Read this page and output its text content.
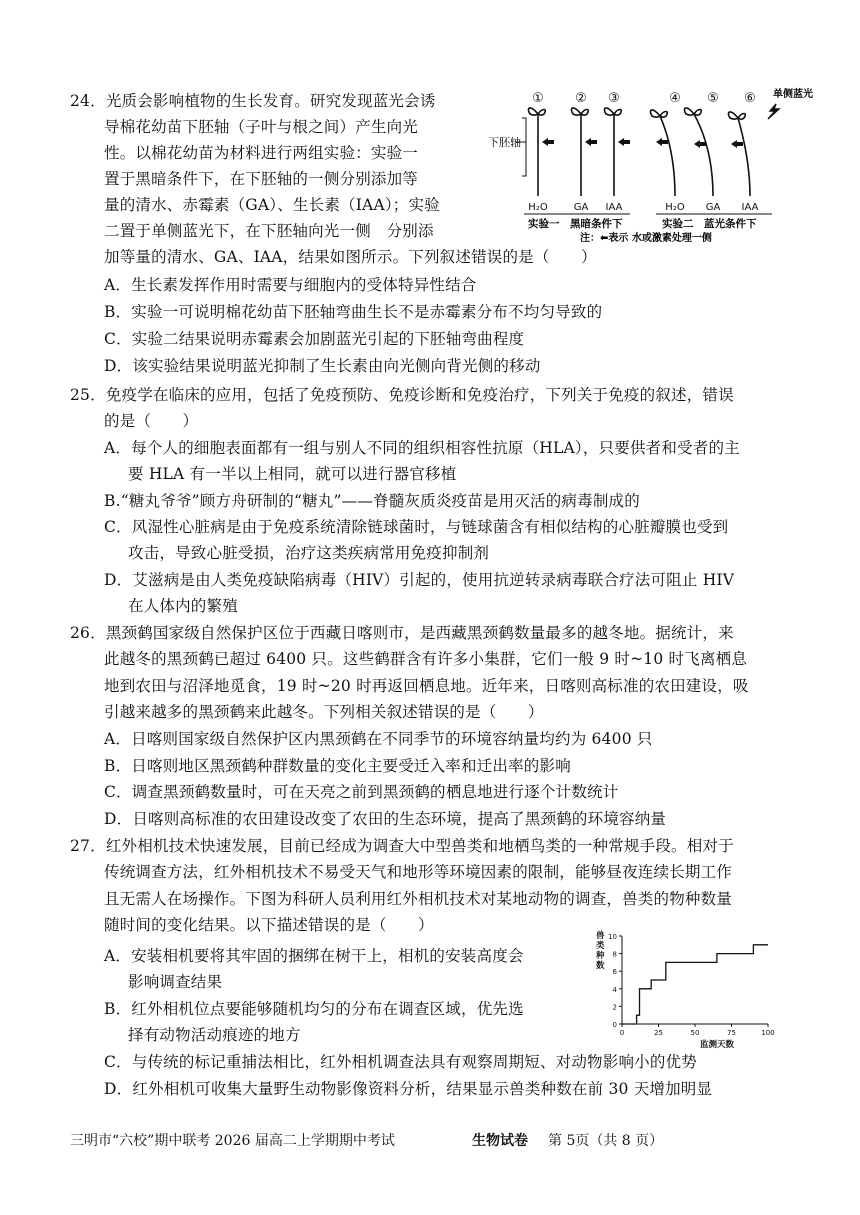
24．光质会影响植物的生长发育。研究发现蓝光会诱
导棉花幼苗下胚轴（子叶与根之间）产生向光
性。以棉花幼苗为材料进行两组实验：实验一
置于黑暗条件下，在下胚轴的一侧分别添加等
量的清水、赤霉素（GA）、生长素（IAA）；实验
二置于单侧蓝光下，在下胚轴向光一侧　分别添
加等量的清水、GA、IAA，结果如图所示。下列叙述错误的是（　　）
A．生长素发挥作用时需要与细胞内的受体特异性结合
B．实验一可说明棉花幼苗下胚轴弯曲生长不是赤霉素分布不均匀导致的
C．实验二结果说明赤霉素会加剧蓝光引起的下胚轴弯曲程度
D．该实验结果说明蓝光抑制了生长素由向光侧向背光侧的移动
① ② ③	④ ⑤ ⑥ 单侧蓝光
下胚轴
H₂O	GA IAA	H₂O GA IAA
实验一　黑暗条件下	实验二　蓝光条件下
注：⬅表示 水或激素处理一侧
25．免疫学在临床的应用，包括了免疫预防、免疫诊断和免疫治疗，下列关于免疫的叙述，错误
的是（　　）
A．每个人的细胞表面都有一组与别人不同的组织相容性抗原（HLA），只要供者和受者的主
要 HLA 有一半以上相同，就可以进行器官移植
B.“糖丸爷爷”顾方舟研制的“糖丸”——脊髓灰质炎疫苗是用灭活的病毒制成的
C．风湿性心脏病是由于免疫系统清除链球菌时，与链球菌含有相似结构的心脏瓣膜也受到
攻击，导致心脏受损，治疗这类疾病常用免疫抑制剂
D．艾滋病是由人类免疫缺陷病毒（HIV）引起的，使用抗逆转录病毒联合疗法可阻止 HIV
在人体内的繁殖
26．黑颈鹤国家级自然保护区位于西藏日喀则市，是西藏黑颈鹤数量最多的越冬地。据统计，来
此越冬的黑颈鹤已超过 6400 只。这些鹤群含有许多小集群，它们一般 9 时~10 时飞离栖息
地到农田与沼泽地觅食，19 时~20 时再返回栖息地。近年来，日喀则高标准的农田建设，吸
引越来越多的黑颈鹤来此越冬。下列相关叙述错误的是（　　）
A．日喀则国家级自然保护区内黑颈鹤在不同季节的环境容纳量均约为 6400 只
B．日喀则地区黑颈鹤种群数量的变化主要受迁入率和迁出率的影响
C．调查黑颈鹤数量时，可在天亮之前到黑颈鹤的栖息地进行逐个计数统计
D．日喀则高标准的农田建设改变了农田的生态环境，提高了黑颈鹤的环境容纳量
27．红外相机技术快速发展，目前已经成为调查大中型兽类和地栖鸟类的一种常规手段。相对于
传统调查方法，红外相机技术不易受天气和地形等环境因素的限制，能够昼夜连续长期工作
且无需人在场操作。下图为科研人员利用红外相机技术对某地动物的调查，兽类的物种数量
随时间的变化结果。以下描述错误的是（　　）
A．安装相机要将其牢固的捆绑在树干上，相机的安装高度会
影响调查结果
B．红外相机位点要能够随机均匀的分布在调查区域，优先选
择有动物活动痕迹的地方
C．与传统的标记重捕法相比，红外相机调查法具有观察周期短、对动物影响小的优势
D．红外相机可收集大量野生动物影像资料分析，结果显示兽类种数在前 30 天增加明显
0
2
4
6
8
10
0	25	50	75	100
兽类种数
监测天数
三明市“六校”期中联考 2026 届高二上学期期中考试	生物试卷 第 5页（共 8 页）
